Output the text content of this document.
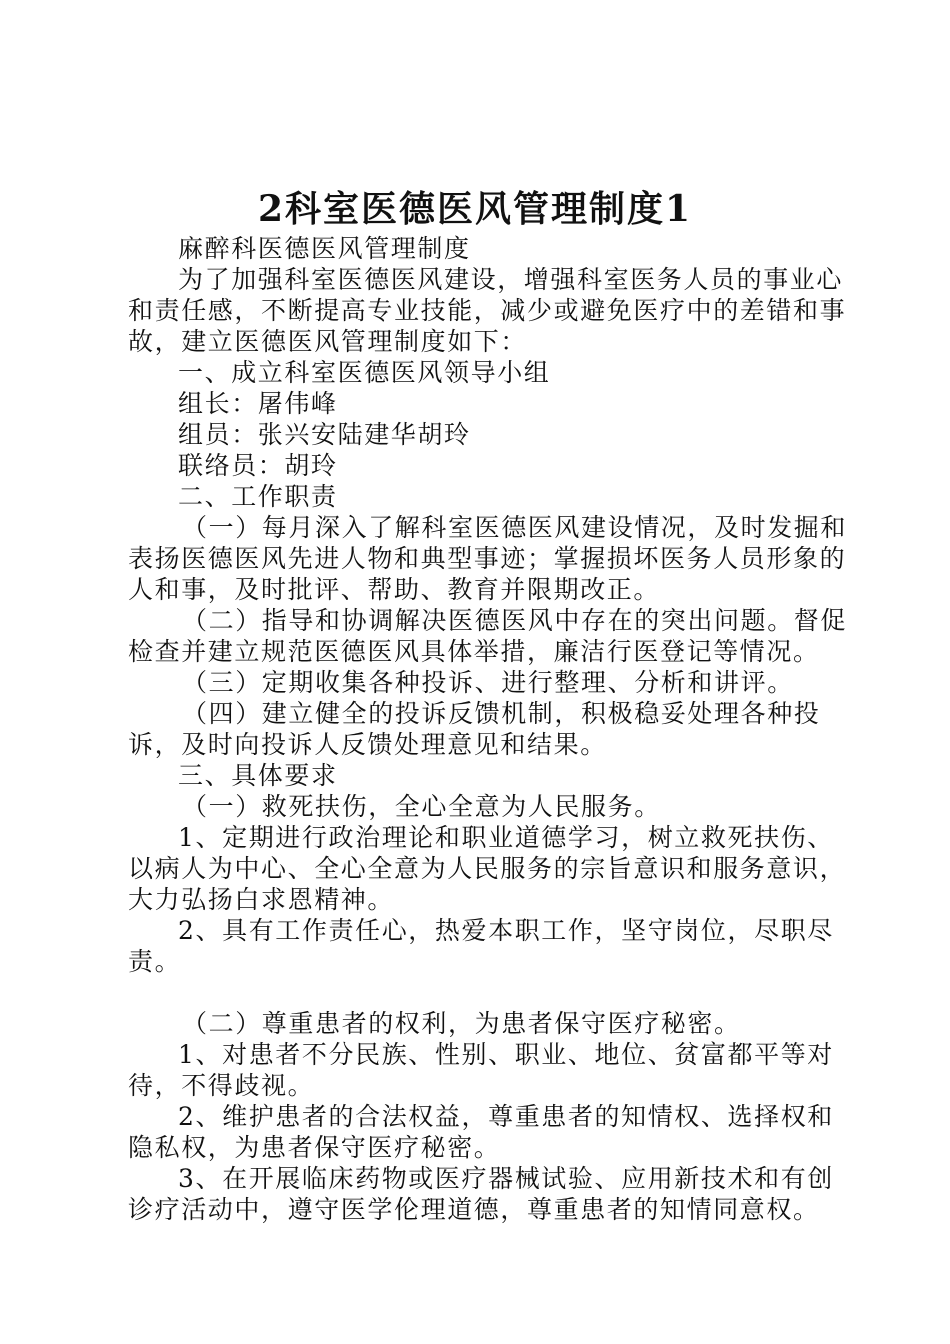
2科室医德医风管理制度1

麻醉科医德医风管理制度

为了加强科室医德医风建设，增强科室医务人员的事业心和责任感，不断提高专业技能，减少或避免医疗中的差错和事故，建立医德医风管理制度如下：

一、成立科室医德医风领导小组

组长：屠伟峰

组员：张兴安陆建华胡玲

联络员：胡玲

二、工作职责

（一）每月深入了解科室医德医风建设情况，及时发掘和表扬医德医风先进人物和典型事迹；掌握损坏医务人员形象的人和事，及时批评、帮助、教育并限期改正。

（二）指导和协调解决医德医风中存在的突出问题。督促检查并建立规范医德医风具体举措，廉洁行医登记等情况。

（三）定期收集各种投诉、进行整理、分析和讲评。

（四）建立健全的投诉反馈机制，积极稳妥处理各种投诉，及时向投诉人反馈处理意见和结果。

三、具体要求

（一）救死扶伤，全心全意为人民服务。

1、定期进行政治理论和职业道德学习，树立救死扶伤、以病人为中心、全心全意为人民服务的宗旨意识和服务意识，大力弘扬白求恩精神。

2、具有工作责任心，热爱本职工作，坚守岗位，尽职尽责。

（二）尊重患者的权利，为患者保守医疗秘密。

1、对患者不分民族、性别、职业、地位、贫富都平等对待，不得歧视。

2、维护患者的合法权益，尊重患者的知情权、选择权和隐私权，为患者保守医疗秘密。

3、在开展临床药物或医疗器械试验、应用新技术和有创诊疗活动中，遵守医学伦理道德，尊重患者的知情同意权。
